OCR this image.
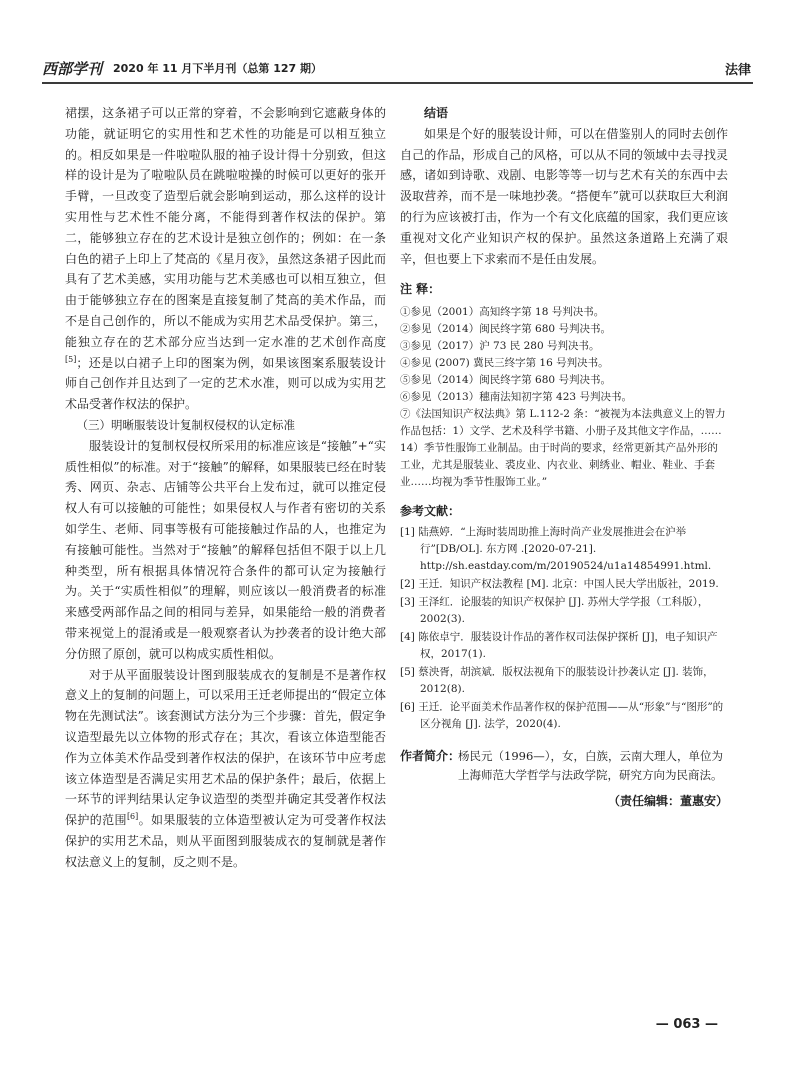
西部学刊 2020 年 11 月下半月刊（总第 127 期）	法律

裙摆，这条裙子可以正常的穿着，不会影响到它遮蔽身体的功能，就证明它的实用性和艺术性的功能是可以相互独立的。相反如果是一件啦啦队服的袖子设计得十分别致，但这样的设计是为了啦啦队员在跳啦啦操的时候可以更好的张开手臂，一旦改变了造型后就会影响到运动，那么这样的设计实用性与艺术性不能分离，不能得到著作权法的保护。第二，能够独立存在的艺术设计是独立创作的；例如：在一条白色的裙子上印上了梵高的《星月夜》，虽然这条裙子因此而具有了艺术美感，实用功能与艺术美感也可以相互独立，但由于能够独立存在的图案是直接复制了梵高的美术作品，而不是自己创作的，所以不能成为实用艺术品受保护。第三，能独立存在的艺术部分应当达到一定水准的艺术创作高度[5]；还是以白裙子上印的图案为例，如果该图案系服装设计师自己创作并且达到了一定的艺术水准，则可以成为实用艺术品受著作权法的保护。

（三）明晰服装设计复制权侵权的认定标准

服装设计的复制权侵权所采用的标准应该是“接触”+“实质性相似”的标准。对于“接触”的解释，如果服装已经在时装秀、网页、杂志、店铺等公共平台上发布过，就可以推定侵权人有可以接触的可能性；如果侵权人与作者有密切的关系如学生、老师、同事等极有可能接触过作品的人，也推定为有接触可能性。当然对于“接触”的解释包括但不限于以上几种类型，所有根据具体情况符合条件的都可认定为接触行为。关于“实质性相似”的理解，则应该以一般消费者的标准来感受两部作品之间的相同与差异，如果能给一般的消费者带来视觉上的混淆或是一般观察者认为抄袭者的设计绝大部分仿照了原创，就可以构成实质性相似。

对于从平面服装设计图到服装成衣的复制是不是著作权意义上的复制的问题上，可以采用王迁老师提出的“假定立体物在先测试法”。该套测试方法分为三个步骤：首先，假定争议造型最先以立体物的形式存在；其次，看该立体造型能否作为立体美术作品受到著作权法的保护，在该环节中应考虑该立体造型是否满足实用艺术品的保护条件；最后，依据上一环节的评判结果认定争议造型的类型并确定其受著作权法保护的范围[6]。如果服装的立体造型被认定为可受著作权法保护的实用艺术品，则从平面图到服装成衣的复制就是著作权法意义上的复制，反之则不是。

结语

如果是个好的服装设计师，可以在借鉴别人的同时去创作自己的作品，形成自己的风格，可以从不同的领域中去寻找灵感，诸如到诗歌、戏剧、电影等等一切与艺术有关的东西中去汲取营养，而不是一味地抄袭。“搭便车”就可以获取巨大利润的行为应该被打击，作为一个有文化底蕴的国家，我们更应该重视对文化产业知识产权的保护。虽然这条道路上充满了艰辛，但也要上下求索而不是任由发展。

注 释：
①参见（2001）高知终字第 18 号判决书。
②参见（2014）闽民终字第 680 号判决书。
③参见（2017）沪 73 民 280 号判决书。
④参见 (2007) 冀民三终字第 16 号判决书。
⑤参见（2014）闽民终字第 680 号判决书。
⑥参见（2013）穗南法知初字第 423 号判决书。
⑦《法国知识产权法典》第 L.112-2 条：“被视为本法典意义上的智力作品包括：1）文学、艺术及科学书籍、小册子及其他文字作品，……14）季节性服饰工业制品。由于时尚的要求，经常更新其产品外形的工业，尤其是服装业、裘皮业、内衣业、刺绣业、帽业、鞋业、手套业……均视为季节性服饰工业。”
参考文献：
[1] 陆燕婷．“上海时装周助推上海时尚产业发展推进会在沪举行”[DB/OL]. 东方网 .[2020-07-21]. http://sh.eastday.com/m/20190524/u1a14854991.html.
[2] 王迁．知识产权法教程 [M]. 北京：中国人民大学出版社，2019.
[3] 王泽红．论服装的知识产权保护 [J]. 苏州大学学报（工科版），2002(3).
[4] 陈依卓宁．服装设计作品的著作权司法保护探析 [J]，电子知识产权，2017(1).
[5] 蔡泱胥，胡滨斌．版权法视角下的服装设计抄袭认定 [J]. 装饰，2012(8).
[6] 王迁．论平面美术作品著作权的保护范围——从“形象”与“图形”的区分视角 [J]. 法学，2020(4).
作者简介：
杨民元（1996—），女，白族，云南大理人，单位为上海师范大学哲学与法政学院，研究方向为民商法。
（责任编辑：董惠安）
— 063 —
